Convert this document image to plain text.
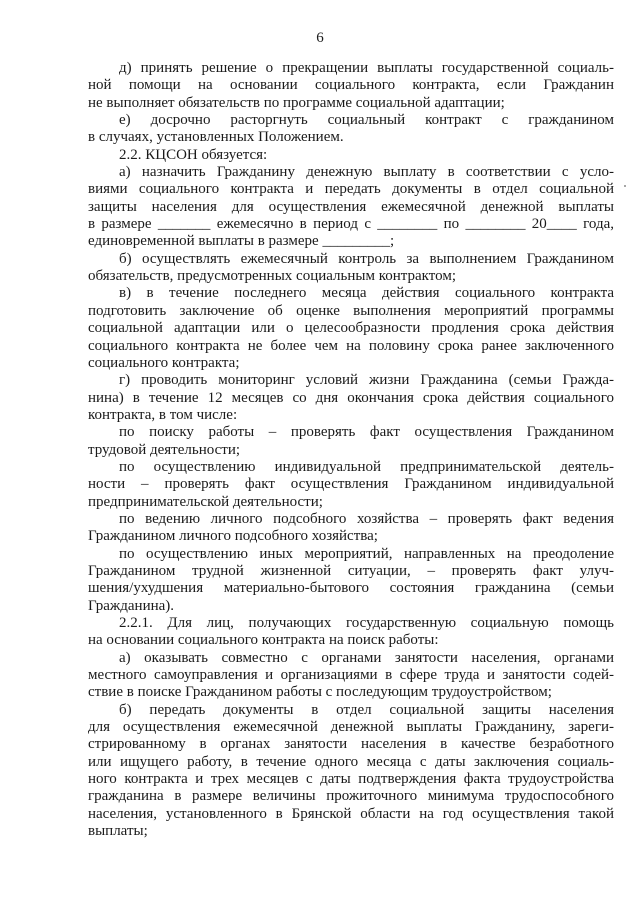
6
д) принять решение о прекращении выплаты государственной социаль-
ной помощи на основании социального контракта, если Гражданин
не выполняет обязательств по программе социальной адаптации;
е) досрочно расторгнуть социальный контракт с гражданином
в случаях, установленных Положением.
2.2. КЦСОН обязуется:
а) назначить Гражданину денежную выплату в соответствии с усло-
виями социального контракта и передать документы в отдел социальной
защиты населения для осуществления ежемесячной денежной выплаты
в размере _______ ежемесячно в период с ________ по ________ 20____ года,
единовременной выплаты в размере _________;
б) осуществлять ежемесячный контроль за выполнением Гражданином
обязательств, предусмотренных социальным контрактом;
в) в течение последнего месяца действия социального контракта
подготовить заключение об оценке выполнения мероприятий программы
социальной адаптации или о целесообразности продления срока действия
социального контракта не более чем на половину срока ранее заключенного
социального контракта;
г) проводить мониторинг условий жизни Гражданина (семьи Гражда-
нина) в течение 12 месяцев со дня окончания срока действия социального
контракта, в том числе:
по поиску работы – проверять факт осуществления Гражданином
трудовой деятельности;
по осуществлению индивидуальной предпринимательской деятель-
ности – проверять факт осуществления Гражданином индивидуальной
предпринимательской деятельности;
по ведению личного подсобного хозяйства – проверять факт ведения
Гражданином личного подсобного хозяйства;
по осуществлению иных мероприятий, направленных на преодоление
Гражданином трудной жизненной ситуации, – проверять факт улуч-
шения/ухудшения материально-бытового состояния гражданина (семьи
Гражданина).
2.2.1. Для лиц, получающих государственную социальную помощь
на основании социального контракта на поиск работы:
а) оказывать совместно с органами занятости населения, органами
местного самоуправления и организациями в сфере труда и занятости содей-
ствие в поиске Гражданином работы с последующим трудоустройством;
б) передать документы в отдел социальной защиты населения
для осуществления ежемесячной денежной выплаты Гражданину, зареги-
стрированному в органах занятости населения в качестве безработного
или ищущего работу, в течение одного месяца с даты заключения социаль-
ного контракта и трех месяцев с даты подтверждения факта трудоустройства
гражданина в размере величины прожиточного минимума трудоспособного
населения, установленного в Брянской области на год осуществления такой
выплаты;
